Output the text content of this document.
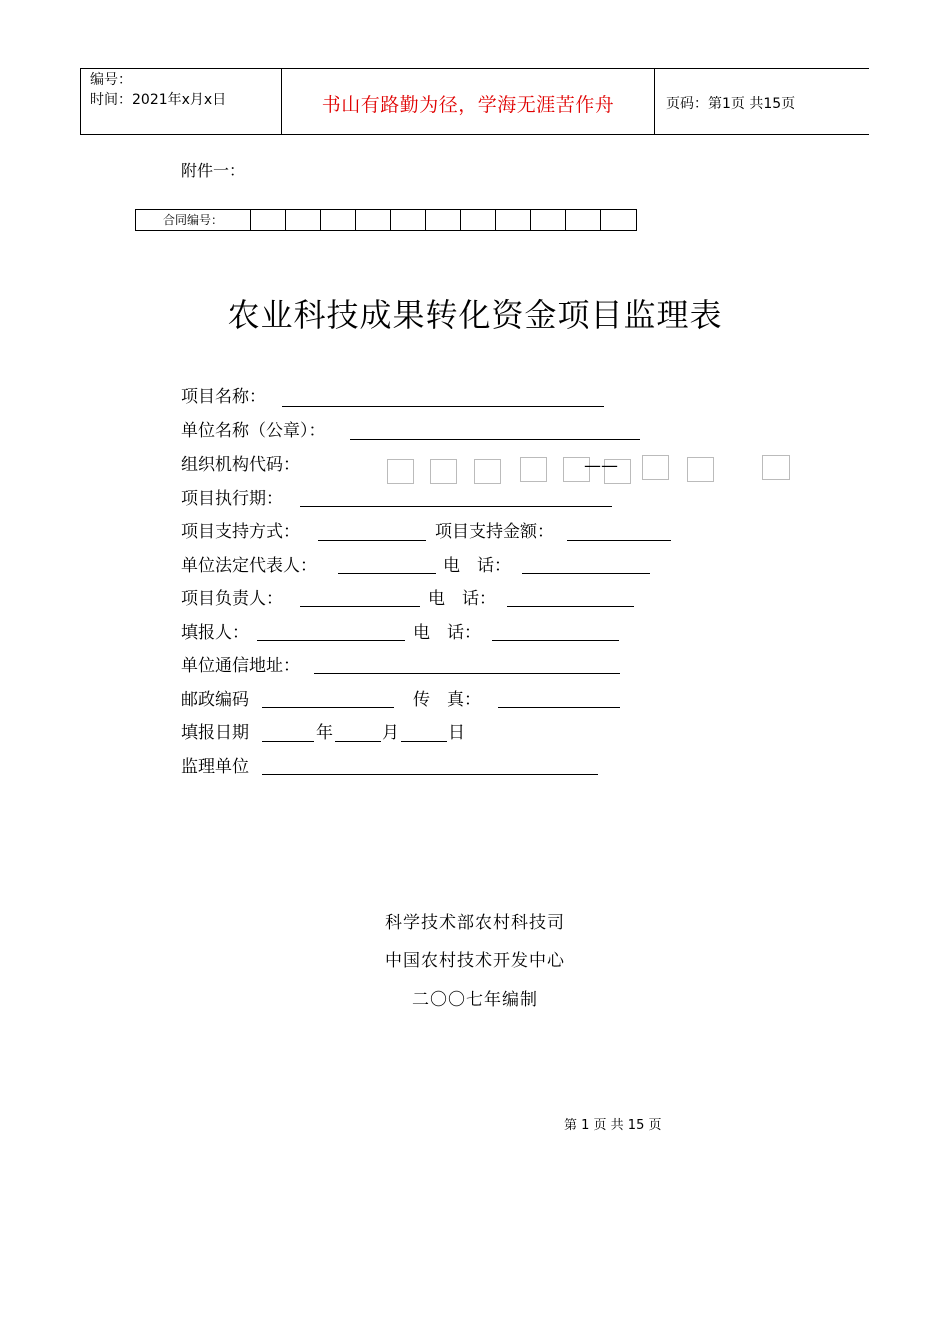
编号：
时间：2021年x月x日	书山有路勤为径，学海无涯苦作舟	页码：第1页 共15页
附件一：
合同编号：
农业科技成果转化资金项目监理表
项目名称：
单位名称（公章）：
组织机构代码：	——
项目执行期：
项目支持方式：	项目支持金额：
单位法定代表人：	电　话：
项目负责人：	电　话：
填报人：	电　话：
单位通信地址：
邮政编码	传　真：
填报日期	年	月	日
监理单位
科学技术部农村科技司
中国农村技术开发中心
二〇〇七年编制
第 1 页 共 15 页
